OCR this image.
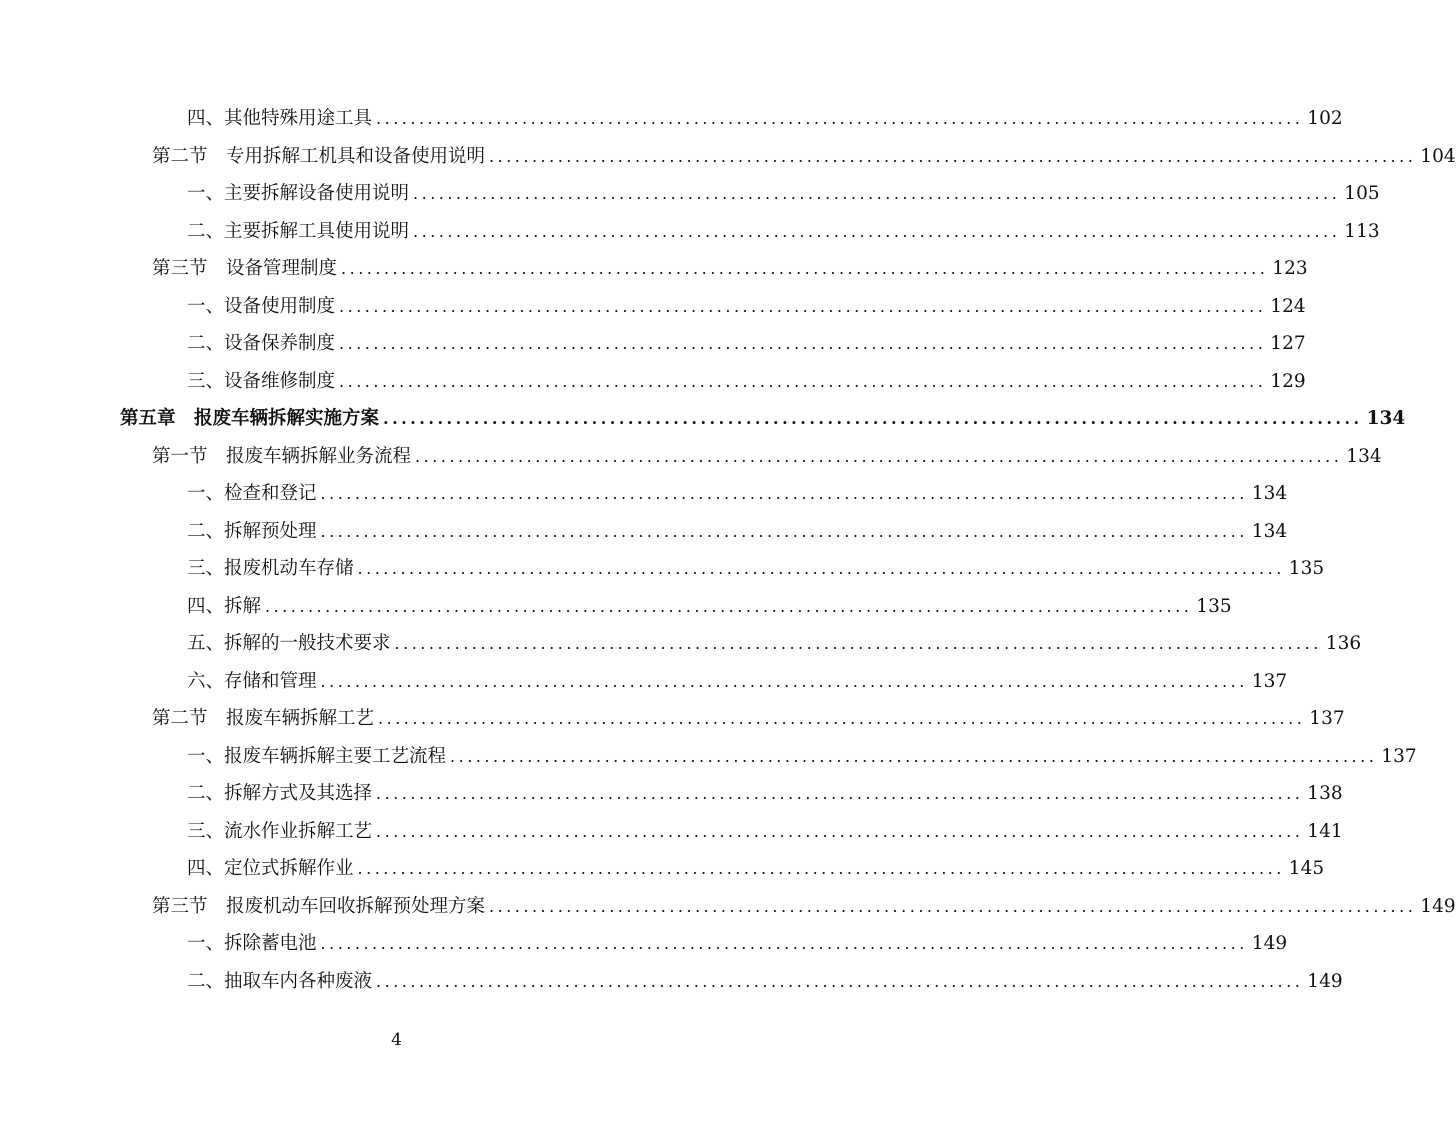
四、其他特殊用途工具 ............................................................................................................ 102
第二节　专用拆解工机具和设备使用说明 ............................................................................................................ 104
一、主要拆解设备使用说明 ............................................................................................................ 105
二、主要拆解工具使用说明 ............................................................................................................ 113
第三节　设备管理制度 ............................................................................................................ 123
一、设备使用制度 ............................................................................................................ 124
二、设备保养制度 ............................................................................................................ 127
三、设备维修制度 ............................................................................................................ 129
第五章　报废车辆拆解实施方案 ............................................................................................................ 134
第一节　报废车辆拆解业务流程 ............................................................................................................ 134
一、检查和登记 ............................................................................................................ 134
二、拆解预处理 ............................................................................................................ 134
三、报废机动车存储 ............................................................................................................ 135
四、拆解 ............................................................................................................ 135
五、拆解的一般技术要求 ............................................................................................................ 136
六、存储和管理 ............................................................................................................ 137
第二节　报废车辆拆解工艺 ............................................................................................................ 137
一、报废车辆拆解主要工艺流程 ............................................................................................................ 137
二、拆解方式及其选择 ............................................................................................................ 138
三、流水作业拆解工艺 ............................................................................................................ 141
四、定位式拆解作业 ............................................................................................................ 145
第三节　报废机动车回收拆解预处理方案 ............................................................................................................ 149
一、拆除蓄电池 ............................................................................................................ 149
二、抽取车内各种废液 ............................................................................................................ 149
4
